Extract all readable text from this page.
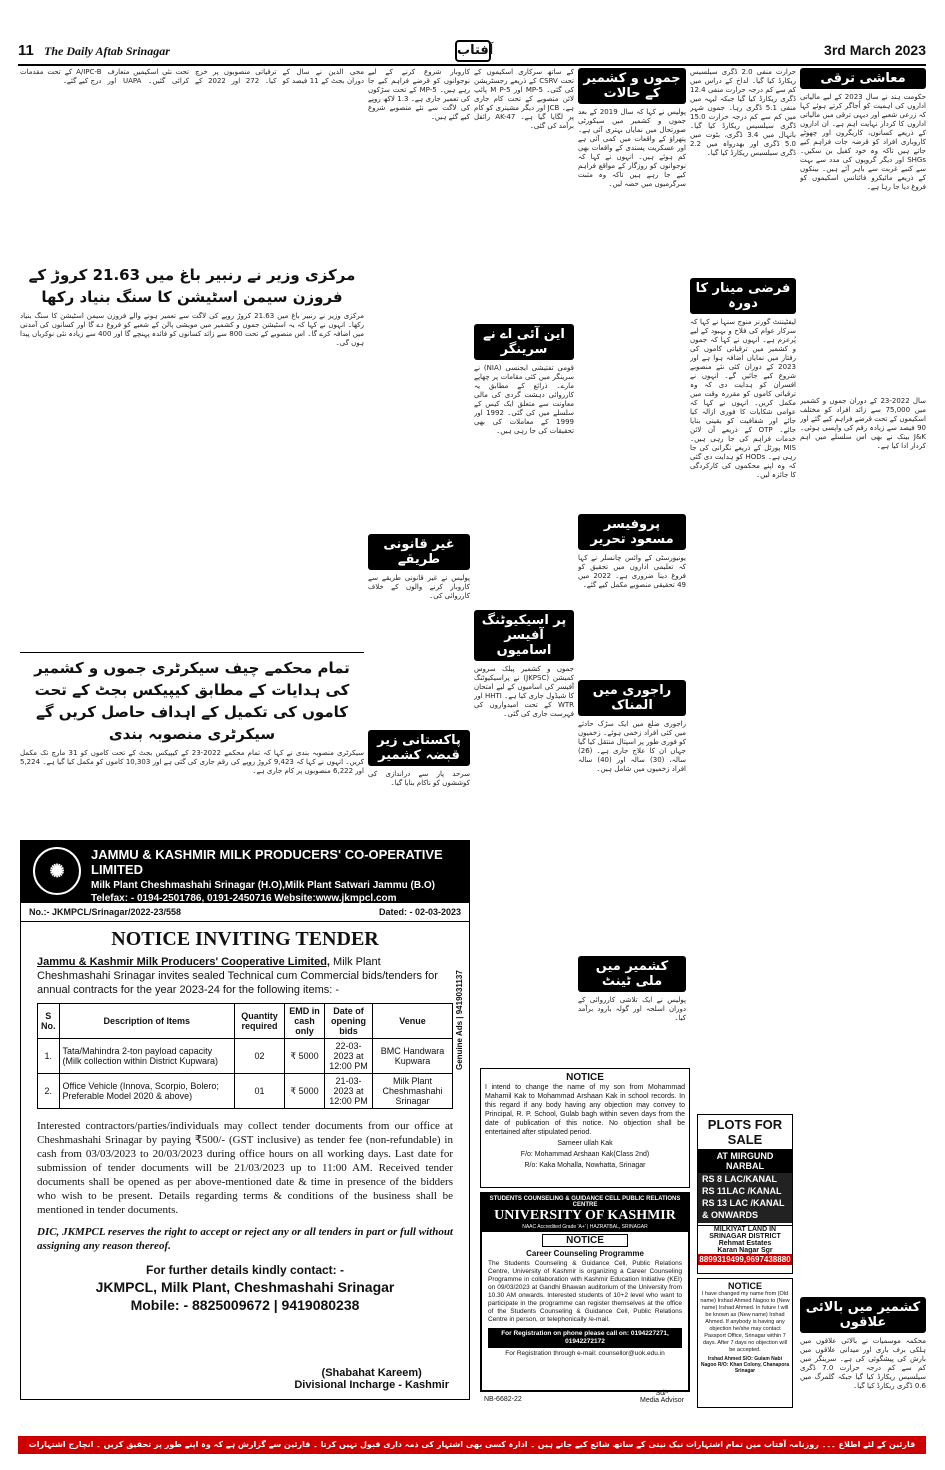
11 The Daily Aftab Srinagar	آفتاب	3rd March 2023
معاشی ترقی
حکومت ہند نے سال 2023 کے لیے مالیاتی اداروں کی اہمیت کو اُجاگر کرتے ہوئے کہا کہ زرعی شعبے اور دیہی ترقی میں مالیاتی اداروں کا کردار نہایت اہم ہے۔ ان اداروں کے ذریعے کسانوں، کاریگروں اور چھوٹے کاروباری افراد کو قرضہ جات فراہم کیے جاتے ہیں تاکہ وہ خود کفیل بن سکیں۔ SHGs اور دیگر گروپوں کی مدد سے بہت سے کنبے غربت سے باہر آئے ہیں۔ بینکوں کے ذریعے مائیکرو فائنانس اسکیموں کو فروغ دیا جا رہا ہے۔
سال 2022-23 کے دوران جموں و کشمیر میں 75,000 سے زائد افراد کو مختلف اسکیموں کے تحت قرضے فراہم کیے گئے اور 90 فیصد سے زیادہ رقم کی واپسی ہوئی۔ J&K بینک نے بھی اس سلسلے میں اہم کردار ادا کیا ہے۔
کشمیر میں بالائی علاقوں
محکمہ موسمیات نے بالائی علاقوں میں ہلکی برف باری اور میدانی علاقوں میں بارش کی پیشگوئی کی ہے۔ سرینگر میں کم سے کم درجہ حرارت 7.0 ڈگری سیلسیس ریکارڈ کیا گیا جبکہ گلمرگ میں 0.6 ڈگری ریکارڈ کیا گیا۔
حرارت منفی 2.0 ڈگری سیلسیس ریکارڈ کیا گیا۔ لداخ کے دراس میں کم سے کم درجہ حرارت منفی 12.4 ڈگری ریکارڈ کیا گیا جبکہ لیہہ میں منفی 5.1 ڈگری رہا۔ جموں شہر میں کم سے کم درجہ حرارت 15.0 ڈگری سیلسیس ریکارڈ کیا گیا۔ بانہال میں 3.4 ڈگری، بٹوت میں 5.0 ڈگری اور بھدرواہ میں 2.2 ڈگری سیلسیس ریکارڈ کیا گیا۔
فرضی مینار کا دورہ
لیفٹیننٹ گورنر منوج سنہا نے کہا کہ سرکار عوام کی فلاح و بہبود کے لیے پُرعزم ہے۔ انہوں نے کہا کہ جموں و کشمیر میں ترقیاتی کاموں کی رفتار میں نمایاں اضافہ ہوا ہے اور 2023 کے دوران کئی نئے منصوبے شروع کیے جائیں گے۔ انہوں نے افسران کو ہدایت دی کہ وہ ترقیاتی کاموں کو مقررہ وقت میں مکمل کریں۔ انہوں نے کہا کہ عوامی شکایات کا فوری ازالہ کیا جائے اور شفافیت کو یقینی بنایا جائے۔ OTP کے ذریعے آن لائن خدمات فراہم کی جا رہی ہیں۔ MIS پورٹل کے ذریعے نگرانی کی جا رہی ہے۔ HODs کو ہدایت دی گئی کہ وہ اپنے محکموں کی کارکردگی کا جائزہ لیں۔
جموں و کشمیر کے حالات
پولیس نے کہا کہ سال 2019 کے بعد جموں و کشمیر میں سیکورٹی صورتحال میں نمایاں بہتری آئی ہے۔ پتھراؤ کے واقعات میں کمی آئی ہے اور عسکریت پسندی کے واقعات بھی کم ہوئے ہیں۔ انہوں نے کہا کہ نوجوانوں کو روزگار کے مواقع فراہم کیے جا رہے ہیں تاکہ وہ مثبت سرگرمیوں میں حصہ لیں۔
پروفیسر مسعود تحریر
یونیورسٹی کے وائس چانسلر نے کہا کہ تعلیمی اداروں میں تحقیق کو فروغ دینا ضروری ہے۔ 2022 میں 49 تحقیقی منصوبے مکمل کیے گئے۔
راجوری میں المناک
راجوری ضلع میں ایک سڑک حادثے میں کئی افراد زخمی ہوئے۔ زخمیوں کو فوری طور پر اسپتال منتقل کیا گیا جہاں ان کا علاج جاری ہے۔ (26) سالہ، (30) سالہ اور (40) سالہ افراد زخمیوں میں شامل ہیں۔
کشمیر میں ملی ٹینٹ
پولیس نے ایک تلاشی کارروائی کے دوران اسلحہ اور گولہ بارود برآمد کیا۔
کے ساتھ سرکاری اسکیموں کے تحت CSRV کے ذریعے رجسٹریشن کی گئی۔ MP-5 اور M P-5 پائپ لائن منصوبے کے تحت کام جاری ہے۔ JCB اور دیگر مشینری کو کام پر لگایا گیا ہے۔ AK-47 رائفل برآمد کی گئی۔
این آئی اے نے سرینگر
قومی تفتیشی ایجنسی (NIA) نے سرینگر میں کئی مقامات پر چھاپے مارے۔ ذرائع کے مطابق یہ کارروائی دہشت گردی کی مالی معاونت سے متعلق ایک کیس کے سلسلے میں کی گئی۔ 1992 اور 1999 کے معاملات کی بھی تحقیقات کی جا رہی ہیں۔
پر اسیکیوٹنگ آفیسر اسامیوں
جموں و کشمیر پبلک سروس کمیشن (JKPSC) نے پراسیکیوٹنگ آفیسر کی اسامیوں کے لیے امتحان کا شیڈول جاری کیا ہے۔ HHTI اور WTR کے تحت امیدواروں کی فہرست جاری کی گئی۔
کاروبار شروع کرنے کے لیے نوجوانوں کو قرضے فراہم کیے جا رہے ہیں۔ MP-5 کے تحت سڑکوں کی تعمیر جاری ہے۔ 1.3 لاکھ روپے کی لاگت سے نئے منصوبے شروع کیے گئے ہیں۔
غیر قانونی طریقے
پولیس نے غیر قانونی طریقے سے کاروبار کرنے والوں کے خلاف کارروائی کی۔
پاکستانی زیر قبضہ کشمیر
سرحد پار سے دراندازی کی کوششوں کو ناکام بنایا گیا۔
محی الدین نے سال کے دوران بجٹ کے 11 فیصد کو ترقیاتی منصوبوں پر خرچ کیا۔ 272 اور 2022 کے تحت نئی اسکیمیں متعارف کرائی گئیں۔ UAPA اور A/IPC-B کے تحت مقدمات درج کیے گئے۔
مرکزی وزیر نے رنبیر باغ میں 21.63 کروڑ کے فروزن سیمن اسٹیشن کا سنگ بنیاد رکھا
مرکزی وزیر نے رنبیر باغ میں 21.63 کروڑ روپے کی لاگت سے تعمیر ہونے والے فروزن سیمن اسٹیشن کا سنگ بنیاد رکھا۔ انہوں نے کہا کہ یہ اسٹیشن جموں و کشمیر میں مویشی پالن کے شعبے کو فروغ دے گا اور کسانوں کی آمدنی میں اضافہ کرے گا۔ اس منصوبے کے تحت 800 سے زائد کسانوں کو فائدہ پہنچے گا اور 400 سے زیادہ نئی نوکریاں پیدا ہوں گی۔
تمام محکمے چیف سیکرٹری جموں و کشمیر کی ہدایات کے مطابق کیپیکس بجٹ کے تحت کاموں کی تکمیل کے اہداف حاصل کریں گے سیکرٹری منصوبہ بندی
سیکرٹری منصوبہ بندی نے کہا کہ تمام محکمے 2022-23 کے کیپیکس بجٹ کے تحت کاموں کو 31 مارچ تک مکمل کریں۔ انہوں نے کہا کہ 9,423 کروڑ روپے کی رقم جاری کی گئی ہے اور 10,303 کاموں کو مکمل کیا گیا ہے۔ 5,224 اور 6,222 منصوبوں پر کام جاری ہے۔
✺
JAMMU & KASHMIR MILK PRODUCERS' CO-OPERATIVE LIMITED
Milk Plant Cheshmashahi Srinagar (H.O),Milk Plant Satwari Jammu (B.O)
Telefax: - 0194-2501786, 0191-2450716 Website:www.jkmpcl.com
No.:- JKMPCL/Srinagar/2022-23/558	Dated: - 02-03-2023
NOTICE INVITING TENDER
Jammu & Kashmir Milk Producers' Cooperative Limited, Milk Plant Cheshmashahi Srinagar invites sealed Technical cum Commercial bids/tenders for annual contracts for the year 2023-24 for the following items: -
S No.	Description of Items	Quantity required	EMD in cash only	Date of opening bids	Venue
1.	Tata/Mahindra 2-ton payload capacity (Milk collection within District Kupwara)	02	₹ 5000	22-03-2023 at 12:00 PM	BMC Handwara Kupwara
2.	Office Vehicle (Innova, Scorpio, Bolero; Preferable Model 2020 & above)	01	₹ 5000	21-03-2023 at 12:00 PM	Milk Plant Cheshmashahi Srinagar
Interested contractors/parties/individuals may collect tender documents from our office at Cheshmashahi Srinagar by paying ₹500/- (GST inclusive) as tender fee (non-refundable) in cash from 03/03/2023 to 20/03/2023 during office hours on all working days. Last date for submission of tender documents will be 21/03/2023 up to 11:00 AM. Received tender documents shall be opened as per above-mentioned date & time in presence of the bidders who wish to be present. Details regarding terms & conditions of the business shall be mentioned in tender documents.
DIC, JKMPCL reserves the right to accept or reject any or all tenders in part or full without assigning any reason thereof.
For further details kindly contact: -
JKMPCL, Milk Plant, Cheshmashahi Srinagar
Mobile: - 8825009672 | 9419080238
(Shabahat Kareem)
Divisional Incharge - Kashmir
Genuine Ads | 9419031137
NOTICE
I intend to change the name of my son from Mohammad Mahamil Kak to Mohammad Arshaan Kak in school records. In this regard if any body having any objection may convey to Principal, R. P. School, Gulab bagh within seven days from the date of publication of this notice. No objection shall be entertained after stipulated period.
Sameer ullah Kak
F/o: Mohammad Arshaan Kak(Class 2nd)
R/o: Kaka Mohalla, Nowhatta, Srinagar
STUDENTS COUNSELING & GUIDANCE CELL PUBLIC RELATIONS CENTRE
UNIVERSITY OF KASHMIR
NAAC Accredited Grade 'A+' | HAZRATBAL, SRINAGAR
NOTICE
Career Counseling Programme
The Students Counseling & Guidance Cell, Public Relations Centre, University of Kashmir is organizing a Career Counseling Programme in collaboration with Kashmir Education Initiative (KEI) on 09/03/2023 at Gandhi Bhawan auditorium of the University from 10.30 AM onwards. Interested students of 10+2 level who want to participate in the programme can register themselves at the office of the Students Counseling & Guidance Cell, Public Relations Centre in person, or telephonically /e-mail.
For Registration on phone please call on: 0194227271, 01942272172
For Registration through e-mail: counsellor@uok.edu.in
NB-6682-22
Sd/-
Media Advisor
PLOTS FOR SALE
AT MIRGUND NARBAL
RS 8 LAC/KANAL
RS 11LAC /KANAL
RS 13 LAC /KANAL
& ONWARDS
MILKIYAT LAND IN SRINAGAR DISTRICT
Rehmat Estates
Karan Nagar Sgr
8899319499,9697438880
NOTICE
I have changed my name from (Old name) Irshad Ahmed Nagoo to (New name) Irshad Ahmed. In future I will be known as (New name) Irshad Ahmed. If anybody is having any objection he/she may contact Passport Office, Srinagar within 7 days. After 7 days no objection will be accepted.
Irshad Ahmed S/O: Gulam Nabi Nagoo R/O: Khan Colony, Chanapora Srinagar
قارئین کے لئے اطلاع ۔۔۔ روزنامہ آفتاب میں تمام اشتہارات نیک نیتی کے ساتھ شائع کیے جاتے ہیں ۔ ادارہ کسی بھی اشتہار کی ذمہ داری قبول نہیں کرتا ۔ قارئین سے گزارش ہے کہ وہ اپنے طور پر تحقیق کریں ۔ انچارج اشتہارات
